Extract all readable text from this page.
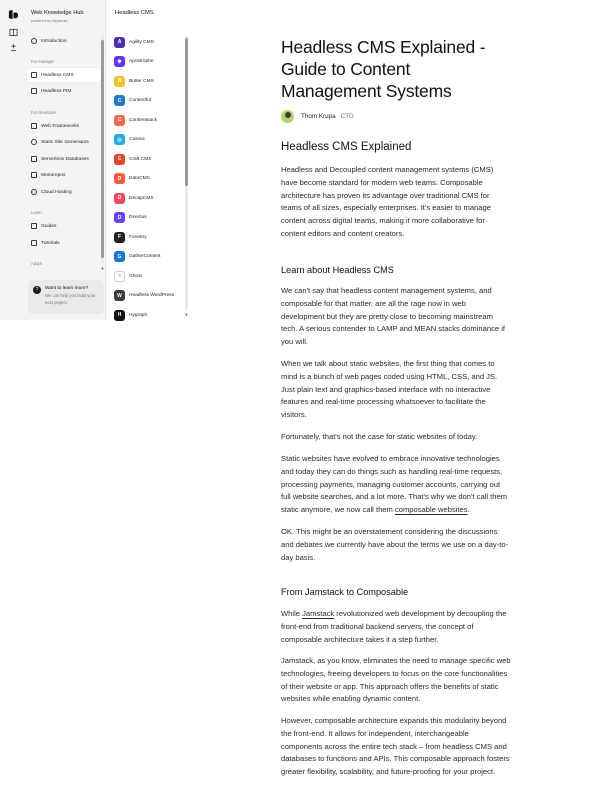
Web Knowledge Hub
powered by Bejamas
Introduction
For manager
Headless CMS
Headless PIM
For developer
Web Frameworks
Static Site Generators
Serverless Databases
Monorepos
Cloud Hosting
Learn
Guides
Tutorials
Adopt
▼
?	Want to learn more?
We can help you build your next project.
Headless CMS
A	Agility CMS
✱	Apostrophe
B	Butter CMS
C	Contentful
C	Contentstack
◎	Cosmic
C	Craft CMS
D	DatoCMS
D	DecapCMS
D	Directus
F	Forestry
G	GatherContent
○	Ghost
W	Headless WordPress
H	Hygraph	▼
Headless CMS Explained - Guide to Content Management Systems
Thom Krupa CTO
Headless CMS Explained
Headless and Decoupled content management systems (CMS) have become standard for modern web teams. Composable architecture has proven its advantage over traditional CMS for teams of all sizes, especially enterprises. It's easier to manage content across digital teams, making it more collaborative for content editors and content creators.
Learn about Headless CMS
We can't say that headless content management systems, and composable for that matter, are all the rage now in web development but they are pretty close to becoming mainstream tech. A serious contender to LAMP and MEAN stacks dominance if you will.
When we talk about static websites, the first thing that comes to mind is a bunch of web pages coded using HTML, CSS, and JS. Just plain text and graphics-based interface with no interactive features and real-time processing whatsoever to facilitate the visitors.
Fortunately, that's not the case for static websites of today.
Static websites have evolved to embrace innovative technologies and today they can do things such as handling real-time requests, processing payments, managing customer accounts, carrying out full website searches, and a lot more. That's why we don't call them static anymore, we now call them composable websites.
OK. This might be an overstatement considering the discussions and debates we currently have about the terms we use on a day-to-day basis.
From Jamstack to Composable
While Jamstack revolutionized web development by decoupling the front-end from traditional backend servers, the concept of composable architecture takes it a step further.
Jamstack, as you know, eliminates the need to manage specific web technologies, freeing developers to focus on the core functionalities of their website or app. This approach offers the benefits of static websites while enabling dynamic content.
However, composable architecture expands this modularity beyond the front-end. It allows for independent, interchangeable components across the entire tech stack – from headless CMS and databases to functions and APIs. This composable approach fosters greater flexibility, scalability, and future-proofing for your project.
